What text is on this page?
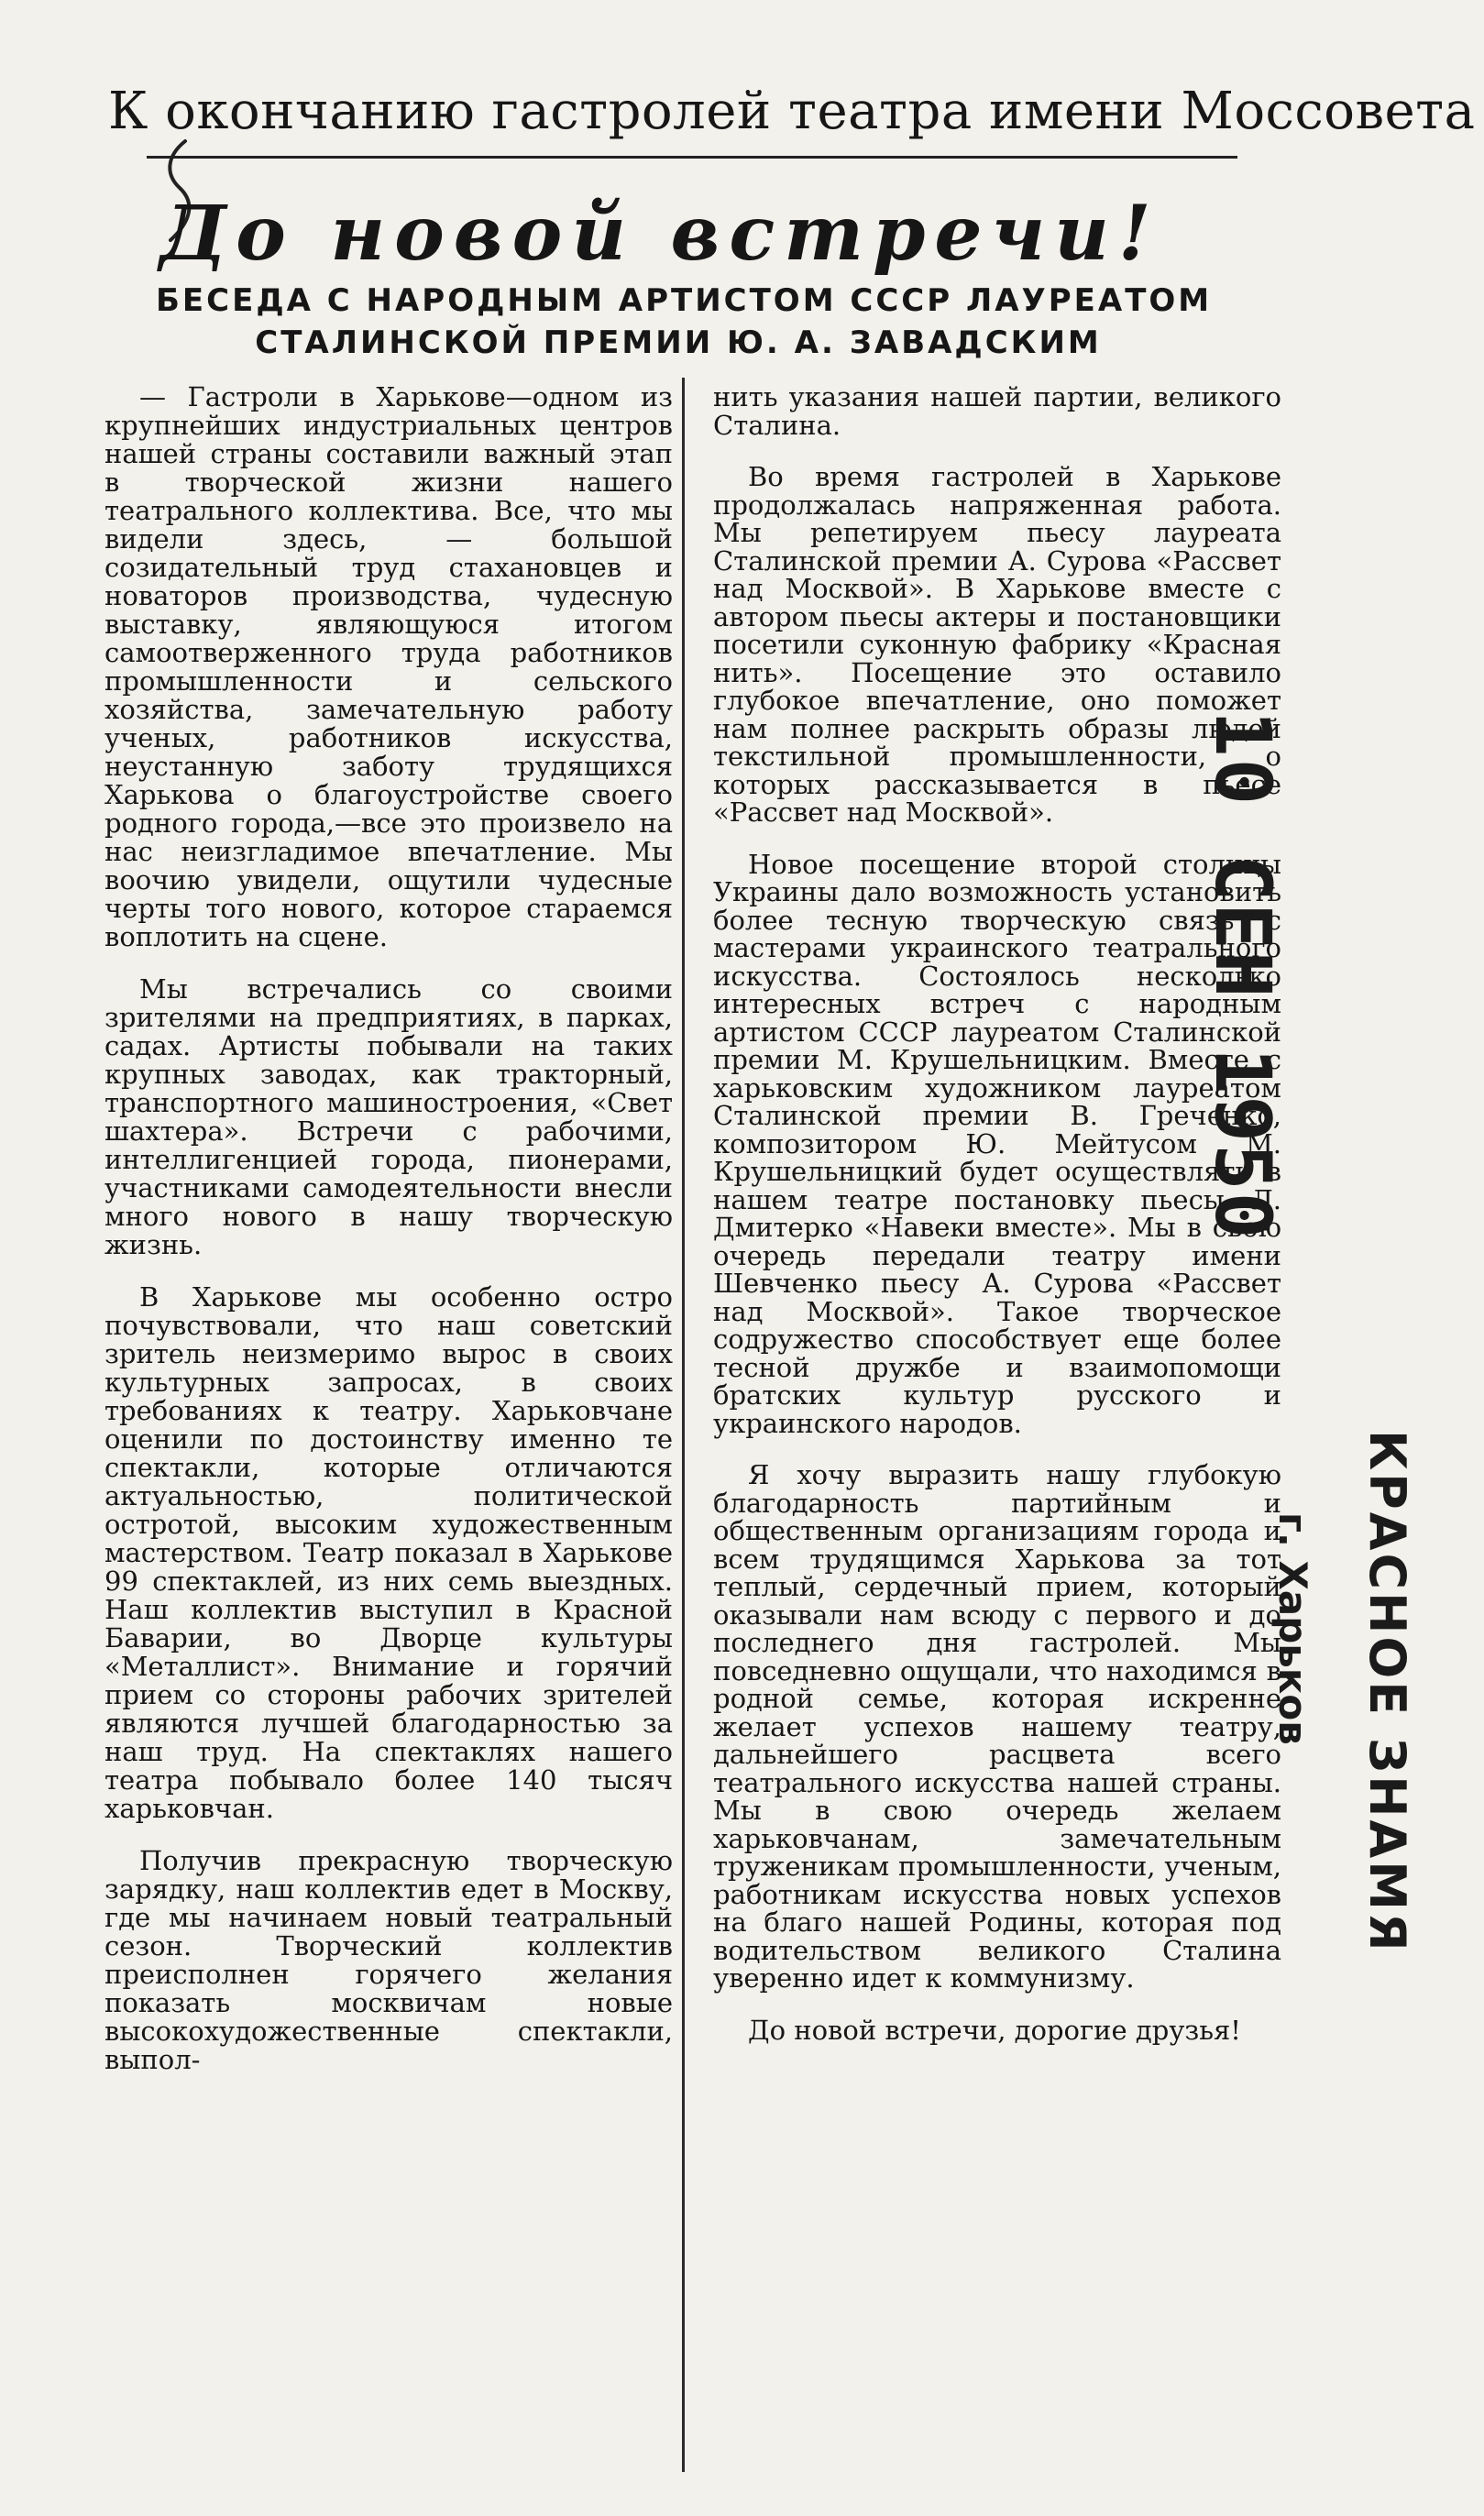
К окончанию гастролей театра имени Моссовета
До новой встречи!
БЕСЕДА С НАРОДНЫМ АРТИСТОМ СССР ЛАУРЕАТОМ
СТАЛИНСКОЙ ПРЕМИИ Ю. А. ЗАВАДСКИМ

— Гастроли в Харькове—одном из крупнейших индустриальных центров нашей страны составили важный этап в творческой жизни нашего театрального коллектива. Все, что мы видели здесь, — большой созидательный труд стахановцев и новаторов производства, чудесную выставку, являющуюся итогом самоотверженного труда работников промышленности и сельского хозяйства, замечательную работу ученых, работников искусства, неустанную заботу трудящихся Харькова о благоустройстве своего родного города,—все это произвело на нас неизгладимое впечатление. Мы воочию увидели, ощутили чудесные черты того нового, которое стараемся воплотить на сцене.

Мы встречались со своими зрителями на предприятиях, в парках, садах. Артисты побывали на таких крупных заводах, как тракторный, транспортного машиностроения, «Свет шахтера». Встречи с рабочими, интеллигенцией города, пионерами, участниками самодеятельности внесли много нового в нашу творческую жизнь.

В Харькове мы особенно остро почувствовали, что наш советский зритель неизмеримо вырос в своих культурных запросах, в своих требованиях к театру. Харьковчане оценили по достоинству именно те спектакли, которые отличаются актуальностью, политической остротой, высоким художественным мастерством. Театр показал в Харькове 99 спектаклей, из них семь выездных. Наш коллектив выступил в Красной Баварии, во Дворце культуры «Металлист». Внимание и горячий прием со стороны рабочих зрителей являются лучшей благодарностью за наш труд. На спектаклях нашего театра побывало более 140 тысяч харьковчан.

Получив прекрасную творческую зарядку, наш коллектив едет в Москву, где мы начинаем новый театральный сезон. Творческий коллектив преисполнен горячего желания показать москвичам новые высокохудожественные спектакли, выпол-

нить указания нашей партии, великого Сталина.

Во время гастролей в Харькове продолжалась напряженная работа. Мы репетируем пьесу лауреата Сталинской премии А. Сурова «Рассвет над Москвой». В Харькове вместе с автором пьесы актеры и постановщики посетили суконную фабрику «Красная нить». Посещение это оставило глубокое впечатление, оно поможет нам полнее раскрыть образы людей текстильной промышленности, о которых рассказывается в пьесе «Рассвет над Москвой».

Новое посещение второй столицы Украины дало возможность установить более тесную творческую связь с мастерами украинского театрального искусства. Состоялось несколько интересных встреч с народным артистом СССР лауреатом Сталинской премии М. Крушельницким. Вместе с харьковским художником лауреатом Сталинской премии В. Греченко, композитором Ю. Мейтусом М. Крушельницкий будет осуществлять в нашем театре постановку пьесы Л. Дмитерко «Навеки вместе». Мы в свою очередь передали театру имени Шевченко пьесу А. Сурова «Рассвет над Москвой». Такое творческое содружество способствует еще более тесной дружбе и взаимопомощи братских культур русского и украинского народов.

Я хочу выразить нашу глубокую благодарность партийным и общественным организациям города и всем трудящимся Харькова за тот теплый, сердечный прием, который оказывали нам всюду с первого и до последнего дня гастролей. Мы повседневно ощущали, что находимся в родной семье, которая искренне желает успехов нашему театру, дальнейшего расцвета всего театрального искусства нашей страны. Мы в свою очередь желаем харьковчанам, замечательным труженикам промышленности, ученым, работникам искусства новых успехов на благо нашей Родины, которая под водительством великого Сталина уверенно идет к коммунизму.

До новой встречи, дорогие друзья!

10 СЕН 1950
КРАСНОЕ ЗНАМЯ
г. Харьков
